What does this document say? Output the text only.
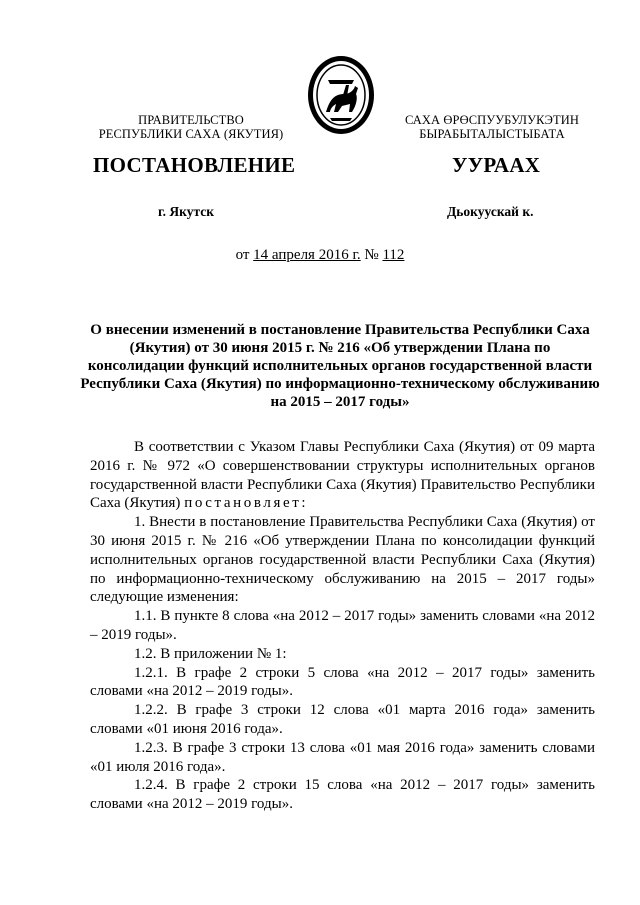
ПРАВИТЕЛЬСТВО
РЕСПУБЛИКИ САХА (ЯКУТИЯ)
САХА ӨРӨСПУУБУЛУКЭТИН
БЫРАБЫТАЛЫСТЫБАТА
ПОСТАНОВЛЕНИЕ	УУРААХ
г. Якутск	Дьокуускай к.
от 14 апреля 2016 г. № 112
О внесении изменений в постановление Правительства Республики Саха (Якутия) от 30 июня 2015 г. № 216 «Об утверждении Плана по консолидации функций исполнительных органов государственной власти Республики Саха (Якутия) по информационно-техническому обслуживанию на 2015 – 2017 годы»

В соответствии с Указом Главы Республики Саха (Якутия) от 09 марта 2016 г. № 972 «О совершенствовании структуры исполнительных органов государственной власти Республики Саха (Якутия) Правительство Республики Саха (Якутия) постановляет:

1. Внести в постановление Правительства Республики Саха (Якутия) от 30 июня 2015 г. № 216 «Об утверждении Плана по консолидации функций исполнительных органов государственной власти Республики Саха (Якутия) по информационно-техническому обслуживанию на 2015 – 2017 годы» следующие изменения:

1.1. В пункте 8 слова «на 2012 – 2017 годы» заменить словами «на 2012 – 2019 годы».

1.2. В приложении № 1:

1.2.1. В графе 2 строки 5 слова «на 2012 – 2017 годы» заменить словами «на 2012 – 2019 годы».

1.2.2. В графе 3 строки 12 слова «01 марта 2016 года» заменить словами «01 июня 2016 года».

1.2.3. В графе 3 строки 13 слова «01 мая 2016 года» заменить словами «01 июля 2016 года».

1.2.4. В графе 2 строки 15 слова «на 2012 – 2017 годы» заменить словами «на 2012 – 2019 годы».
